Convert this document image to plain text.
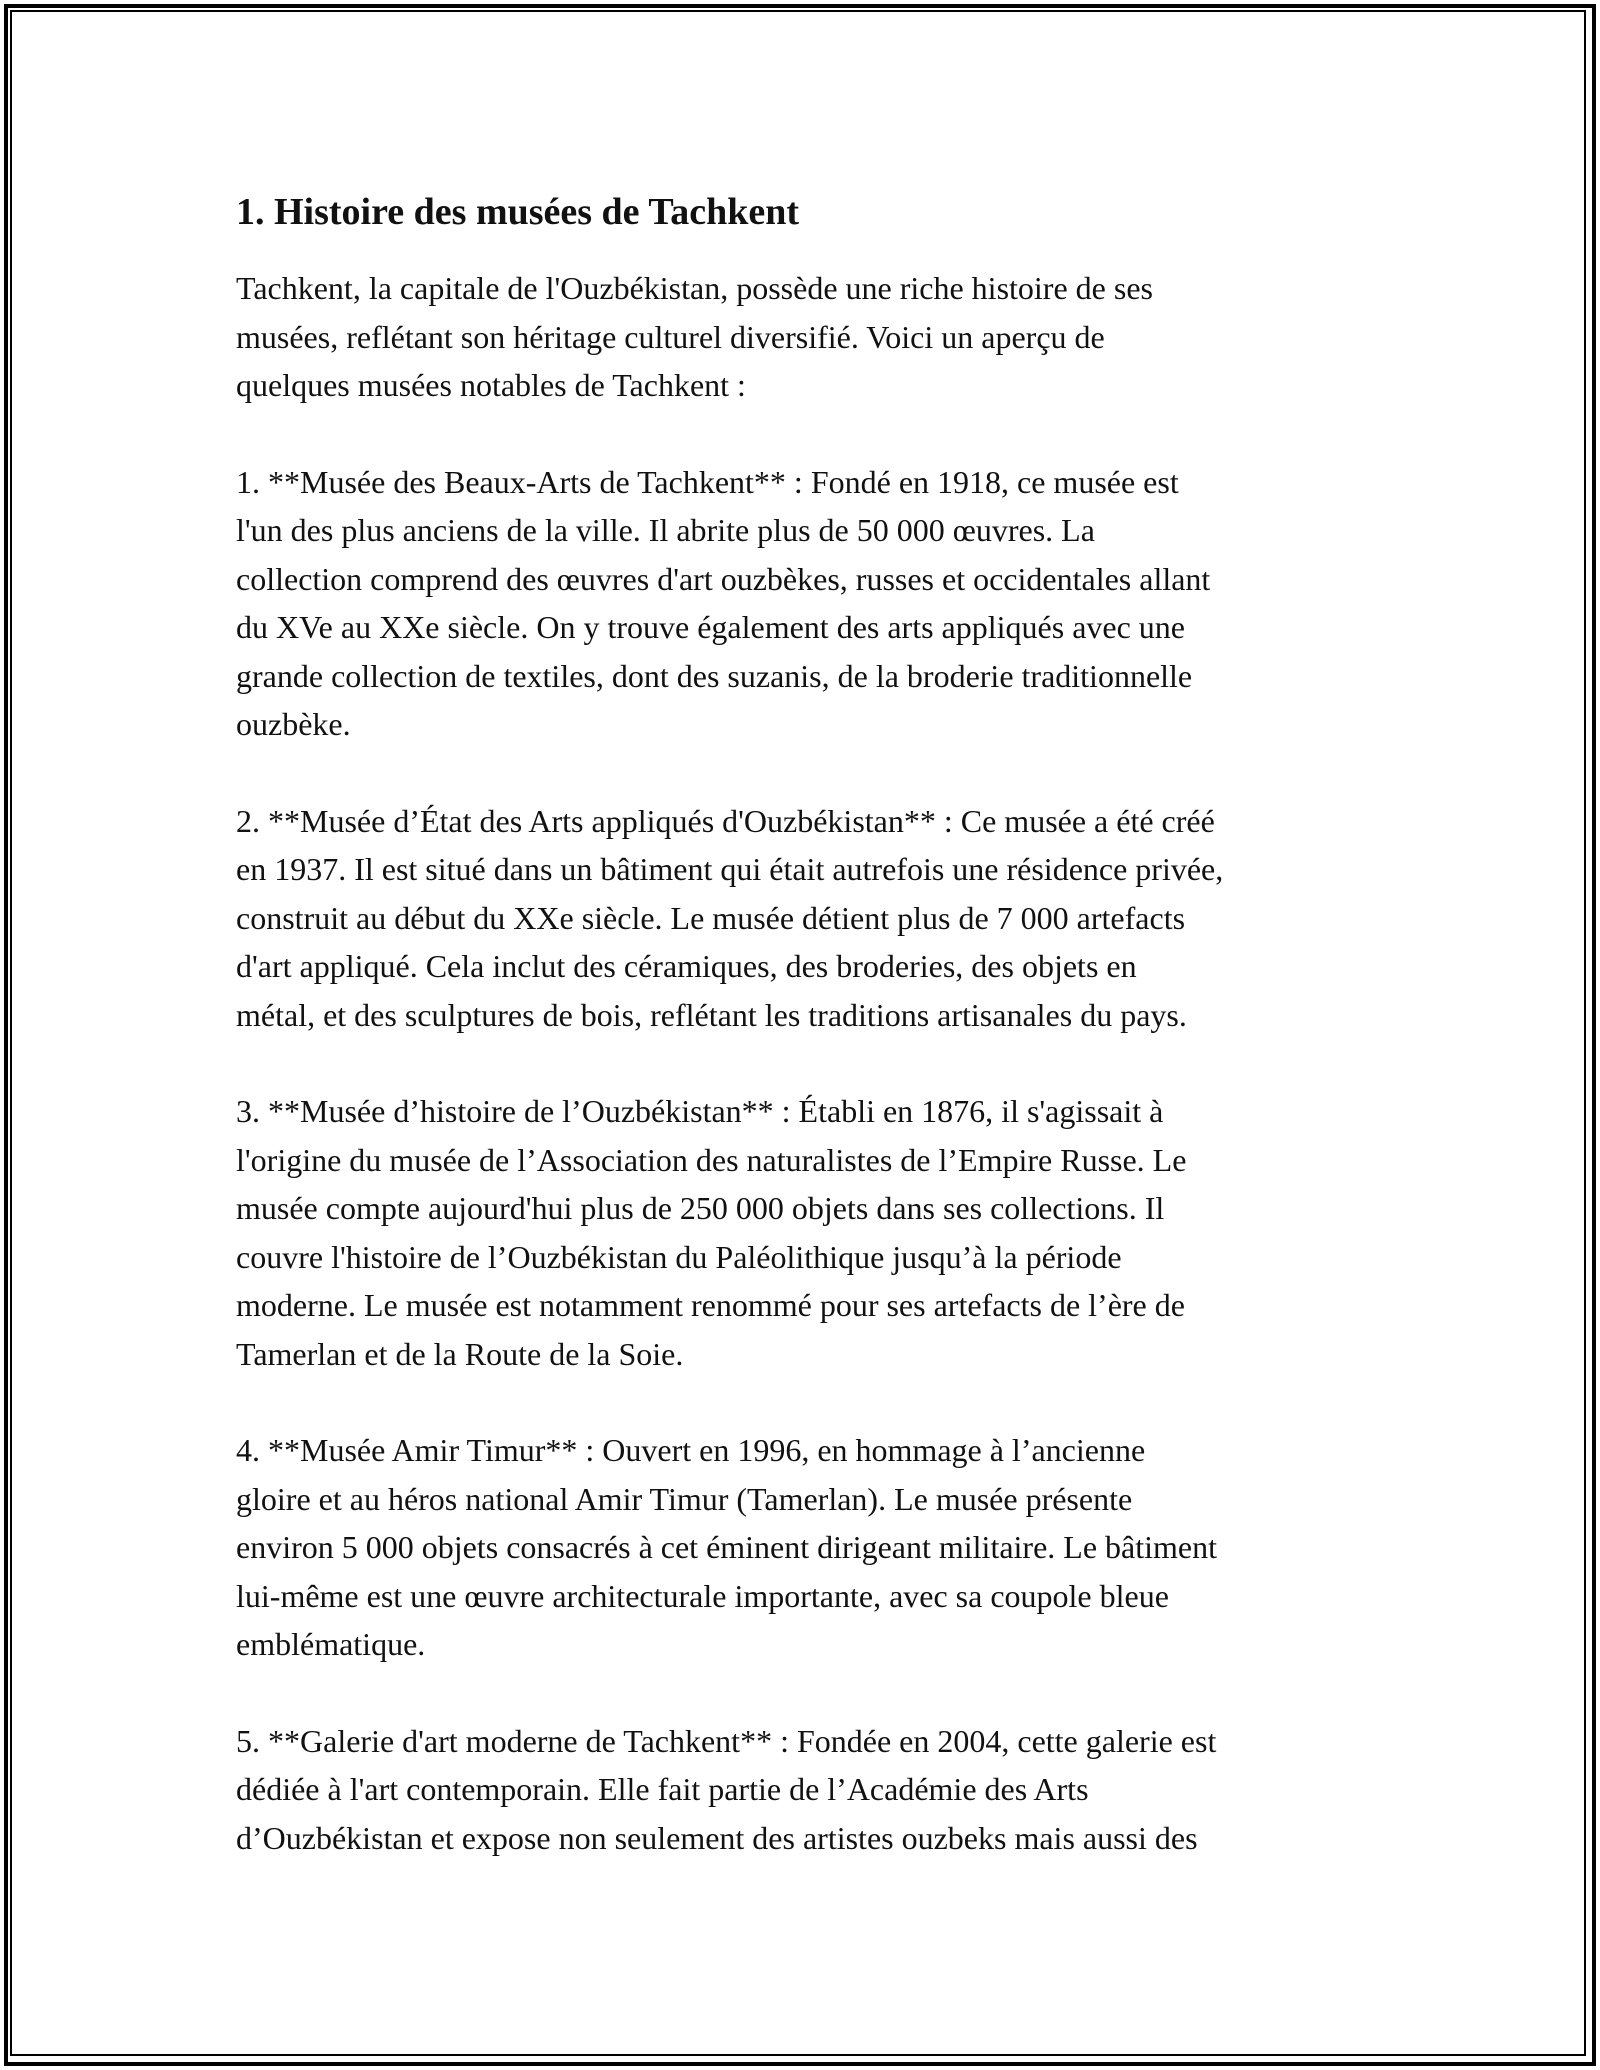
1. Histoire des musées de Tachkent

Tachkent, la capitale de l'Ouzbékistan, possède une riche histoire de ses
musées, reflétant son héritage culturel diversifié. Voici un aperçu de
quelques musées notables de Tachkent :

1. **Musée des Beaux-Arts de Tachkent** : Fondé en 1918, ce musée est
l'un des plus anciens de la ville. Il abrite plus de 50 000 œuvres. La
collection comprend des œuvres d'art ouzbèkes, russes et occidentales allant
du XVe au XXe siècle. On y trouve également des arts appliqués avec une
grande collection de textiles, dont des suzanis, de la broderie traditionnelle
ouzbèke.

2. **Musée d’État des Arts appliqués d'Ouzbékistan** : Ce musée a été créé
en 1937. Il est situé dans un bâtiment qui était autrefois une résidence privée,
construit au début du XXe siècle. Le musée détient plus de 7 000 artefacts
d'art appliqué. Cela inclut des céramiques, des broderies, des objets en
métal, et des sculptures de bois, reflétant les traditions artisanales du pays.

3. **Musée d’histoire de l’Ouzbékistan** : Établi en 1876, il s'agissait à
l'origine du musée de l’Association des naturalistes de l’Empire Russe. Le
musée compte aujourd'hui plus de 250 000 objets dans ses collections. Il
couvre l'histoire de l’Ouzbékistan du Paléolithique jusqu’à la période
moderne. Le musée est notamment renommé pour ses artefacts de l’ère de
Tamerlan et de la Route de la Soie.

4. **Musée Amir Timur** : Ouvert en 1996, en hommage à l’ancienne
gloire et au héros national Amir Timur (Tamerlan). Le musée présente
environ 5 000 objets consacrés à cet éminent dirigeant militaire. Le bâtiment
lui-même est une œuvre architecturale importante, avec sa coupole bleue
emblématique.

5. **Galerie d'art moderne de Tachkent** : Fondée en 2004, cette galerie est
dédiée à l'art contemporain. Elle fait partie de l’Académie des Arts
d’Ouzbékistan et expose non seulement des artistes ouzbeks mais aussi des
